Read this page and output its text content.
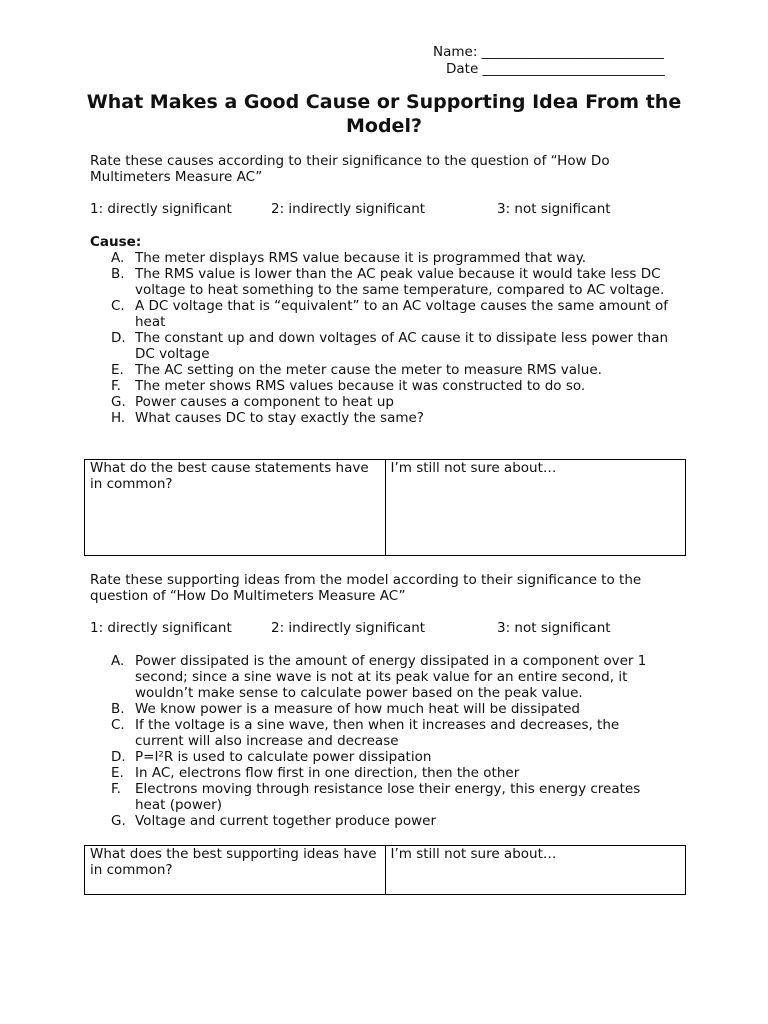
Name: ___________________________
Date ___________________________
What Makes a Good Cause or Supporting Idea From the Model?

Rate these causes according to their significance to the question of “How Do Multimeters Measure AC”

1: directly significant	2: indirectly significant	3: not significant
Cause:
A. The meter displays RMS value because it is programmed that way.
B. The RMS value is lower than the AC peak value because it would take less DC voltage to heat something to the same temperature, compared to AC voltage.
C. A DC voltage that is “equivalent” to an AC voltage causes the same amount of heat
D. The constant up and down voltages of AC cause it to dissipate less power than DC voltage
E. The AC setting on the meter cause the meter to measure RMS value.
F. The meter shows RMS values because it was constructed to do so.
G. Power causes a component to heat up
H. What causes DC to stay exactly the same?
What do the best cause statements have in common?	I’m still not sure about…

Rate these supporting ideas from the model according to their significance to the question of “How Do Multimeters Measure AC”

1: directly significant	2: indirectly significant	3: not significant
A. Power dissipated is the amount of energy dissipated in a component over 1 second; since a sine wave is not at its peak value for an entire second, it wouldn’t make sense to calculate power based on the peak value.
B. We know power is a measure of how much heat will be dissipated
C. If the voltage is a sine wave, then when it increases and decreases, the current will also increase and decrease
D. P=I²R is used to calculate power dissipation
E. In AC, electrons flow first in one direction, then the other
F. Electrons moving through resistance lose their energy, this energy creates heat (power)
G. Voltage and current together produce power
What does the best supporting ideas have in common?	I’m still not sure about…
